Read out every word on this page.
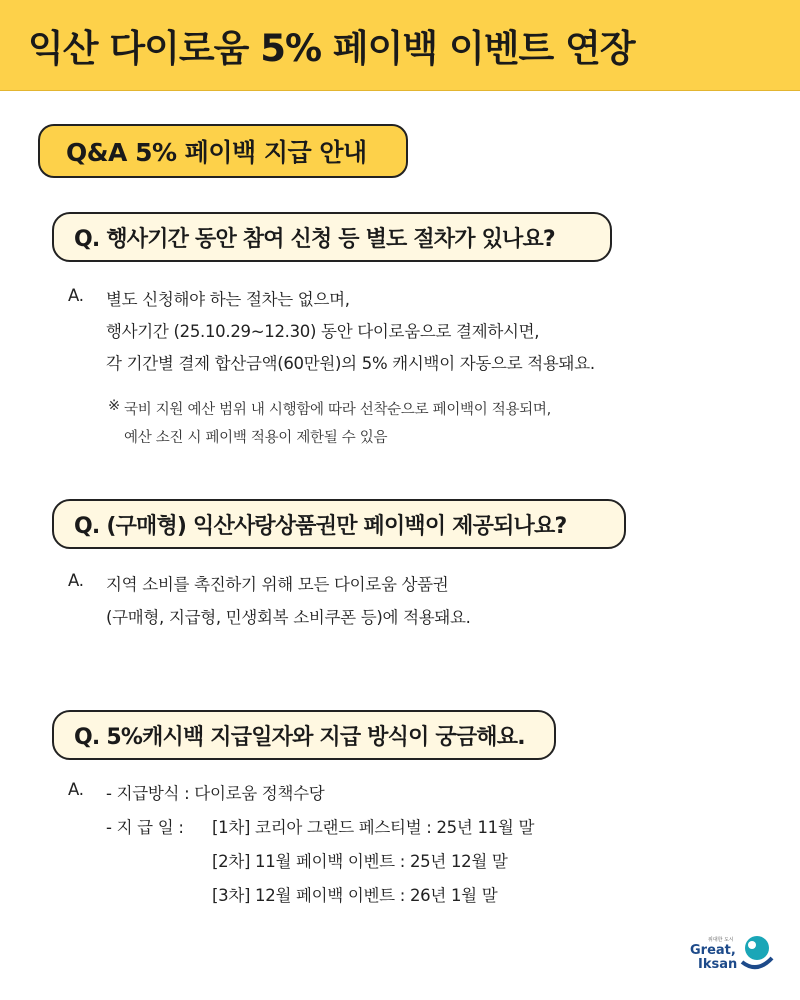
익산 다이로움 5% 페이백 이벤트 연장
Q&A 5% 페이백 지급 안내
Q. 행사기간 동안 참여 신청 등 별도 절차가 있나요?
A. 별도 신청해야 하는 절차는 없으며,
행사기간 (25.10.29~12.30) 동안 다이로움으로 결제하시면,
각 기간별 결제 합산금액(60만원)의 5% 캐시백이 자동으로 적용돼요.
※ 국비 지원 예산 범위 내 시행함에 따라 선착순으로 페이백이 적용되며,
예산 소진 시 페이백 적용이 제한될 수 있음
Q. (구매형) 익산사랑상품권만 페이백이 제공되나요?
A. 지역 소비를 촉진하기 위해 모든 다이로움 상품권
(구매형, 지급형, 민생회복 소비쿠폰 등)에 적용돼요.
Q. 5%캐시백 지급일자와 지급 방식이 궁금해요.
A. - 지급방식 : 다이로움 정책수당
- 지 급 일 : [1차] 코리아 그랜드 페스티벌 : 25년 11월 말
[2차] 11월 페이백 이벤트 : 25년 12월 말
[3차] 12월 페이백 이벤트 : 26년 1월 말
위대한 도시
Great,
Iksan
